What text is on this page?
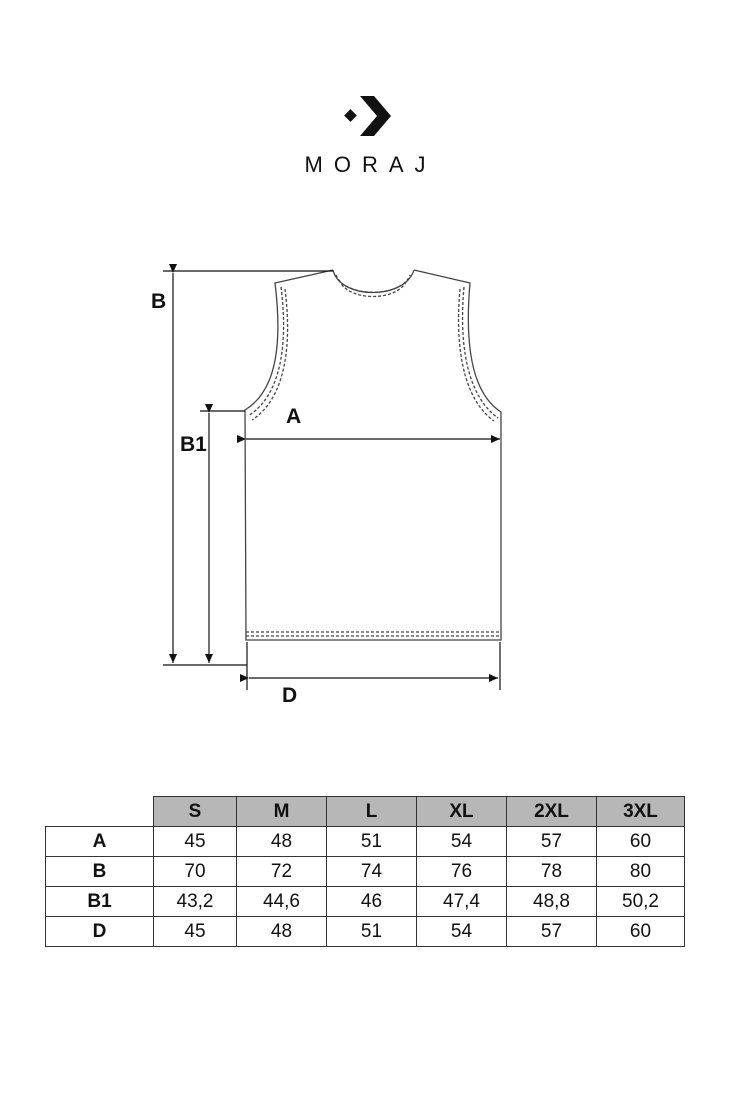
MORAJ
B
B1
A
D
	S	M	L	XL	2XL	3XL
A	45	48	51	54	57	60
B	70	72	74	76	78	80
B1	43,2	44,6	46	47,4	48,8	50,2
D	45	48	51	54	57	60
